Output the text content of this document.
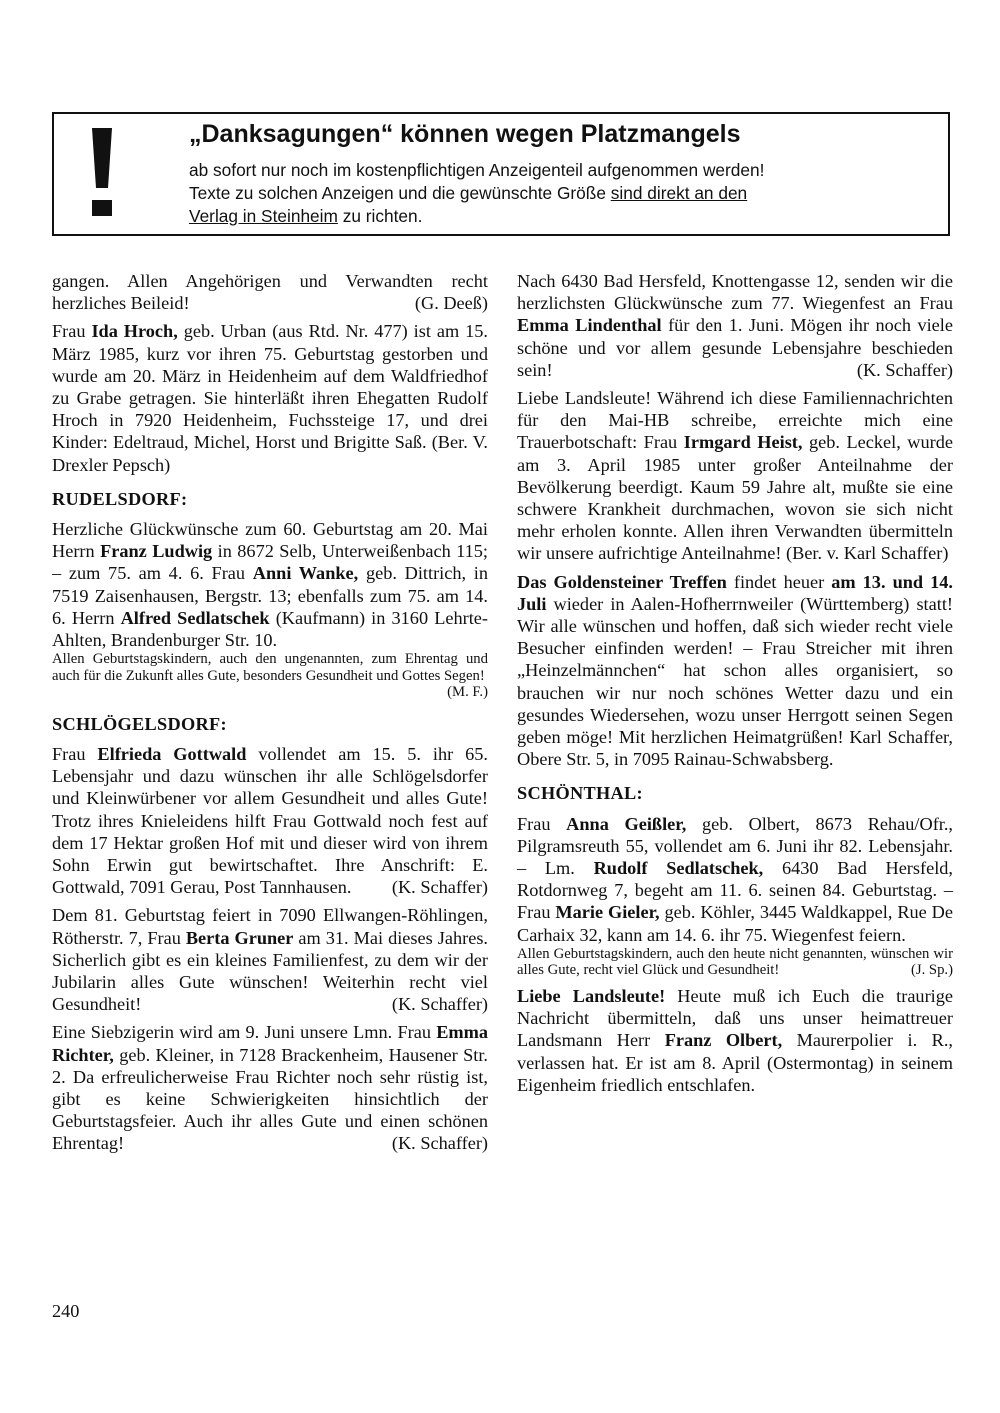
„Danksagungen“ können wegen Platzmangels
ab sofort nur noch im kostenpflichtigen Anzeigenteil aufgenommen werden!
Texte zu solchen Anzeigen und die gewünschte Größe sind direkt an den
Verlag in Steinheim zu richten.
gangen. Allen Angehörigen und Verwandten recht herzliches Beileid!	(G. Deeß)
Frau Ida Hroch, geb. Urban (aus Rtd. Nr. 477) ist am 15. März 1985, kurz vor ihren 75. Geburtstag gestorben und wurde am 20. März in Heidenheim auf dem Waldfriedhof zu Grabe getragen. Sie hinterläßt ihren Ehegatten Rudolf Hroch in 7920 Heidenheim, Fuchssteige 17, und drei Kinder: Edeltraud, Michel, Horst und Brigitte Saß. (Ber. V. Drexler Pepsch)
RUDELSDORF:
Herzliche Glückwünsche zum 60. Geburtstag am 20. Mai Herrn Franz Ludwig in 8672 Selb, Unterweißenbach 115; – zum 75. am 4. 6. Frau Anni Wanke, geb. Dittrich, in 7519 Zaisenhausen, Bergstr. 13; ebenfalls zum 75. am 14. 6. Herrn Alfred Sedlatschek (Kaufmann) in 3160 Lehrte-Ahlten, Brandenburger Str. 10.
Allen Geburtstagskindern, auch den ungenannten, zum Ehrentag und auch für die Zukunft alles Gute, besonders Gesundheit und Gottes Segen!
(M. F.)
SCHLÖGELSDORF:
Frau Elfrieda Gottwald vollendet am 15. 5. ihr 65. Lebensjahr und dazu wünschen ihr alle Schlögelsdorfer und Kleinwürbener vor allem Gesundheit und alles Gute! Trotz ihres Knieleidens hilft Frau Gottwald noch fest auf dem 17 Hektar großen Hof mit und dieser wird von ihrem Sohn Erwin gut bewirtschaftet. Ihre Anschrift: E. Gottwald, 7091 Gerau, Post Tannhausen. (K. Schaffer)
Dem 81. Geburtstag feiert in 7090 Ellwangen-Röhlingen, Rötherstr. 7, Frau Berta Gruner am 31. Mai dieses Jahres. Sicherlich gibt es ein kleines Familienfest, zu dem wir der Jubilarin alles Gute wünschen! Weiterhin recht viel Gesundheit!	(K. Schaffer)
Eine Siebzigerin wird am 9. Juni unsere Lmn. Frau Emma Richter, geb. Kleiner, in 7128 Brackenheim, Hausener Str. 2. Da erfreulicherweise Frau Richter noch sehr rüstig ist, gibt es keine Schwierigkeiten hinsichtlich der Geburtstagsfeier. Auch ihr alles Gute und einen schönen Ehrentag!	(K. Schaffer)
Nach 6430 Bad Hersfeld, Knottengasse 12, senden wir die herzlichsten Glückwünsche zum 77. Wiegenfest an Frau Emma Lindenthal für den 1. Juni. Mögen ihr noch viele schöne und vor allem gesunde Lebensjahre beschieden sein!	(K. Schaffer)
Liebe Landsleute! Während ich diese Familiennachrichten für den Mai-HB schreibe, erreichte mich eine Trauerbotschaft: Frau Irmgard Heist, geb. Leckel, wurde am 3. April 1985 unter großer Anteilnahme der Bevölkerung beerdigt. Kaum 59 Jahre alt, mußte sie eine schwere Krankheit durchmachen, wovon sie sich nicht mehr erholen konnte. Allen ihren Verwandten übermitteln wir unsere aufrichtige Anteilnahme! (Ber. v. Karl Schaffer)
Das Goldensteiner Treffen findet heuer am 13. und 14. Juli wieder in Aalen-Hofherrnweiler (Württemberg) statt! Wir alle wünschen und hoffen, daß sich wieder recht viele Besucher einfinden werden! – Frau Streicher mit ihren „Heinzelmännchen“ hat schon alles organisiert, so brauchen wir nur noch schönes Wetter dazu und ein gesundes Wiedersehen, wozu unser Herrgott seinen Segen geben möge! Mit herzlichen Heimatgrüßen! Karl Schaffer, Obere Str. 5, in 7095 Rainau-Schwabsberg.
SCHÖNTHAL:
Frau Anna Geißler, geb. Olbert, 8673 Rehau/Ofr., Pilgramsreuth 55, vollendet am 6. Juni ihr 82. Lebensjahr. – Lm. Rudolf Sedlatschek, 6430 Bad Hersfeld, Rotdornweg 7, begeht am 11. 6. seinen 84. Geburtstag. – Frau Marie Gieler, geb. Köhler, 3445 Waldkappel, Rue De Carhaix 32, kann am 14. 6. ihr 75. Wiegenfest feiern.
Allen Geburtstagskindern, auch den heute nicht genannten, wünschen wir alles Gute, recht viel Glück und Gesundheit!	(J. Sp.)
Liebe Landsleute! Heute muß ich Euch die traurige Nachricht übermitteln, daß uns unser heimattreuer Landsmann Herr Franz Olbert, Maurerpolier i. R., verlassen hat. Er ist am 8. April (Ostermontag) in seinem Eigenheim friedlich entschlafen.
240
